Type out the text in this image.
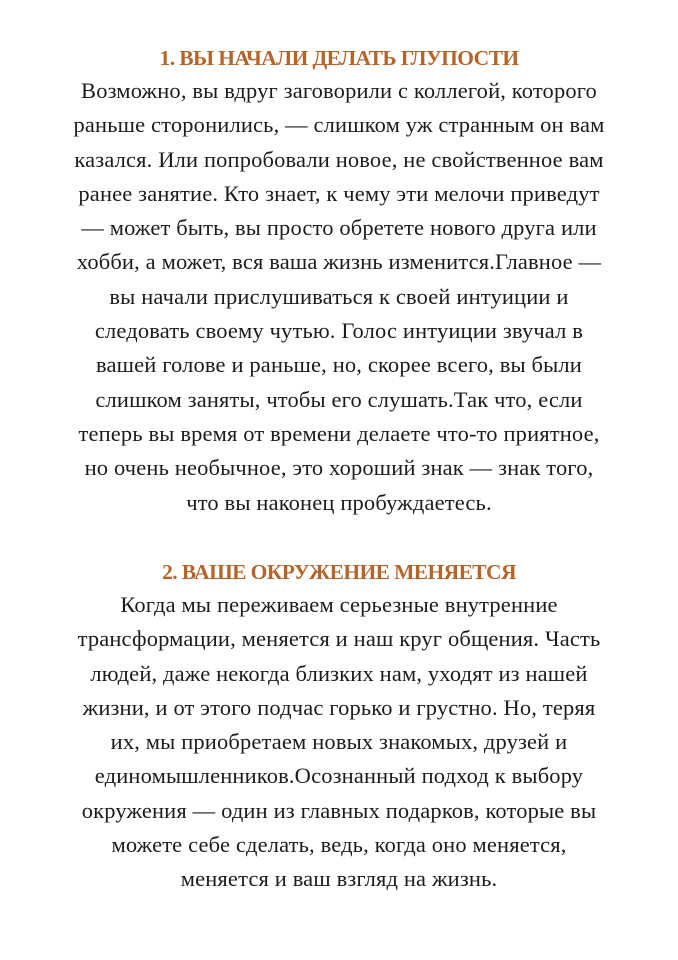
1. ВЫ НАЧАЛИ ДЕЛАТЬ ГЛУПОСТИ

Возможно, вы вдруг заговорили с коллегой, которого
раньше сторонились, — слишком уж странным он вам
казался. Или попробовали новое, не свойственное вам
ранее занятие. Кто знает, к чему эти мелочи приведут
— может быть, вы просто обретете нового друга или
хобби, а может, вся ваша жизнь изменится.Главное —
вы начали прислушиваться к своей интуиции и
следовать своему чутью. Голос интуиции звучал в
вашей голове и раньше, но, скорее всего, вы были
слишком заняты, чтобы его слушать.Так что, если
теперь вы время от времени делаете что-то приятное,
но очень необычное, это хороший знак — знак того,
что вы наконец пробуждаетесь.

2. ВАШЕ ОКРУЖЕНИЕ МЕНЯЕТСЯ

Когда мы переживаем серьезные внутренние
трансформации, меняется и наш круг общения. Часть
людей, даже некогда близких нам, уходят из нашей
жизни, и от этого подчас горько и грустно. Но, теряя
их, мы приобретаем новых знакомых, друзей и
единомышленников.Осознанный подход к выбору
окружения — один из главных подарков, которые вы
можете себе сделать, ведь, когда оно меняется,
меняется и ваш взгляд на жизнь.
